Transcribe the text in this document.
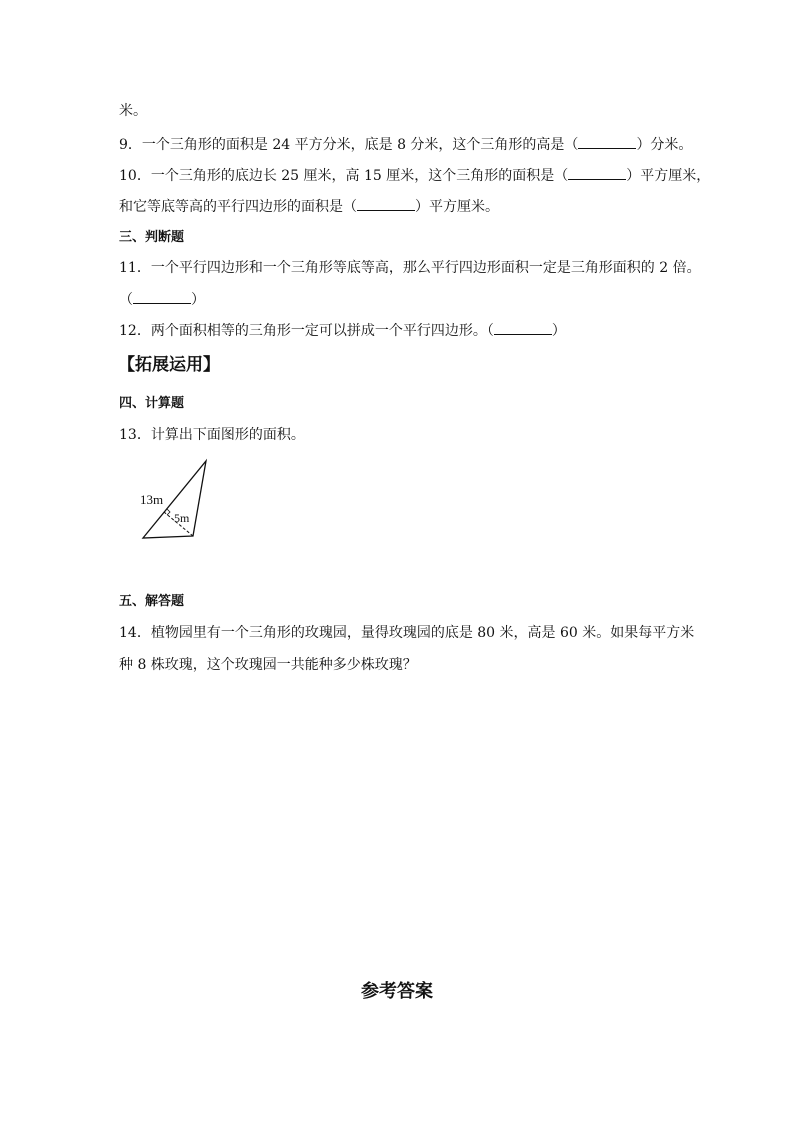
米。
9．一个三角形的面积是 24 平方分米，底是 8 分米，这个三角形的高是（	）分米。
10．一个三角形的底边长 25 厘米，高 15 厘米，这个三角形的面积是（	）平方厘米，
和它等底等高的平行四边形的面积是（	）平方厘米。
三、判断题
11．一个平行四边形和一个三角形等底等高，那么平行四边形面积一定是三角形面积的 2 倍。
（	）
12．两个面积相等的三角形一定可以拼成一个平行四边形。（	）
【拓展运用】
四、计算题
13．计算出下面图形的面积。
13m
5m
五、解答题
14．植物园里有一个三角形的玫瑰园，量得玫瑰园的底是 80 米，高是 60 米。如果每平方米
种 8 株玫瑰，这个玫瑰园一共能种多少株玫瑰？
参考答案
